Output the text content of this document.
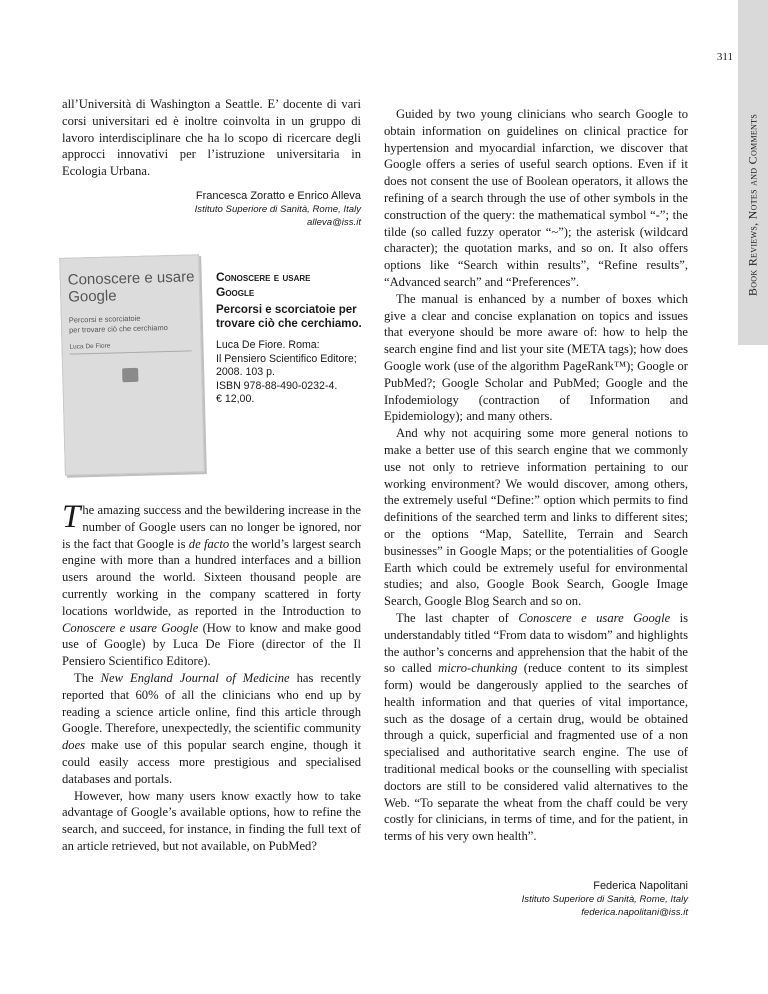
311
Book Reviews, Notes and Comments

all’Università di Washington a Seattle. E’ docente di vari corsi universitari ed è inoltre coinvolta in un gruppo di lavoro interdisciplinare che ha lo scopo di ricercare degli approcci innovativi per l’istruzione universitaria in Ecologia Urbana.

Francesca Zoratto e Enrico Alleva
Istituto Superiore di Sanità, Rome, Italy
alleva@iss.it
Conoscere e usare
Google
Percorsi e scorciatoie
per trovare ciò che cerchiamo
Luca De Fiore
Conoscere e usare
Google
Percorsi e scorciatoie per
trovare ciò che cerchiamo.
Luca De Fiore. Roma:
Il Pensiero Scientifico Editore;
2008. 103 p.
ISBN 978-88-490-0232-4.
€ 12,00.

The amazing success and the bewildering increase in the number of Google users can no longer be ignored, nor is the fact that Google is de facto the world’s largest search engine with more than a hundred interfaces and a billion users around the world. Sixteen thousand people are currently working in the company scattered in forty locations worldwide, as reported in the Introduction to Conoscere e usare Google (How to know and make good use of Google) by Luca De Fiore (director of the Il Pensiero Scientifico Editore).

The New England Journal of Medicine has recently reported that 60% of all the clinicians who end up by reading a science article online, find this article through Google. Therefore, unexpectedly, the scientific community does make use of this popular search engine, though it could easily access more prestigious and specialised databases and portals.

However, how many users know exactly how to take advantage of Google’s available options, how to refine the search, and succeed, for instance, in finding the full text of an article retrieved, but not available, on PubMed?

Guided by two young clinicians who search Google to obtain information on guidelines on clinical practice for hypertension and myocardial infarction, we discover that Google offers a series of useful search options. Even if it does not consent the use of Boolean operators, it allows the refining of a search through the use of other symbols in the construction of the query: the mathematical symbol “-”; the tilde (so called fuzzy operator “~”); the asterisk (wildcard character); the quotation marks, and so on. It also offers options like “Search within results”, “Refine results”, “Advanced search” and “Preferences”.

The manual is enhanced by a number of boxes which give a clear and concise explanation on topics and issues that everyone should be more aware of: how to help the search engine find and list your site (META tags); how does Google work (use of the algorithm PageRank™); Google or PubMed?; Google Scholar and PubMed; Google and the Infodemiology (contraction of Information and Epidemiology); and many others.

And why not acquiring some more general notions to make a better use of this search engine that we commonly use not only to retrieve information pertaining to our working environment? We would discover, among others, the extremely useful “Define:” option which permits to find definitions of the searched term and links to different sites; or the options “Map, Satellite, Terrain and Search businesses” in Google Maps; or the potentialities of Google Earth which could be extremely useful for environmental studies; and also, Google Book Search, Google Image Search, Google Blog Search and so on.

The last chapter of Conoscere e usare Google is understandably titled “From data to wisdom” and highlights the author’s concerns and apprehension that the habit of the so called micro-chunking (reduce content to its simplest form) would be dangerously applied to the searches of health information and that queries of vital importance, such as the dosage of a certain drug, would be obtained through a quick, superficial and fragmented use of a non specialised and authoritative search engine. The use of traditional medical books or the counselling with specialist doctors are still to be considered valid alternatives to the Web. “To separate the wheat from the chaff could be very costly for clinicians, in terms of time, and for the patient, in terms of his very own health”.

Federica Napolitani
Istituto Superiore di Sanità, Rome, Italy
federica.napolitani@iss.it
